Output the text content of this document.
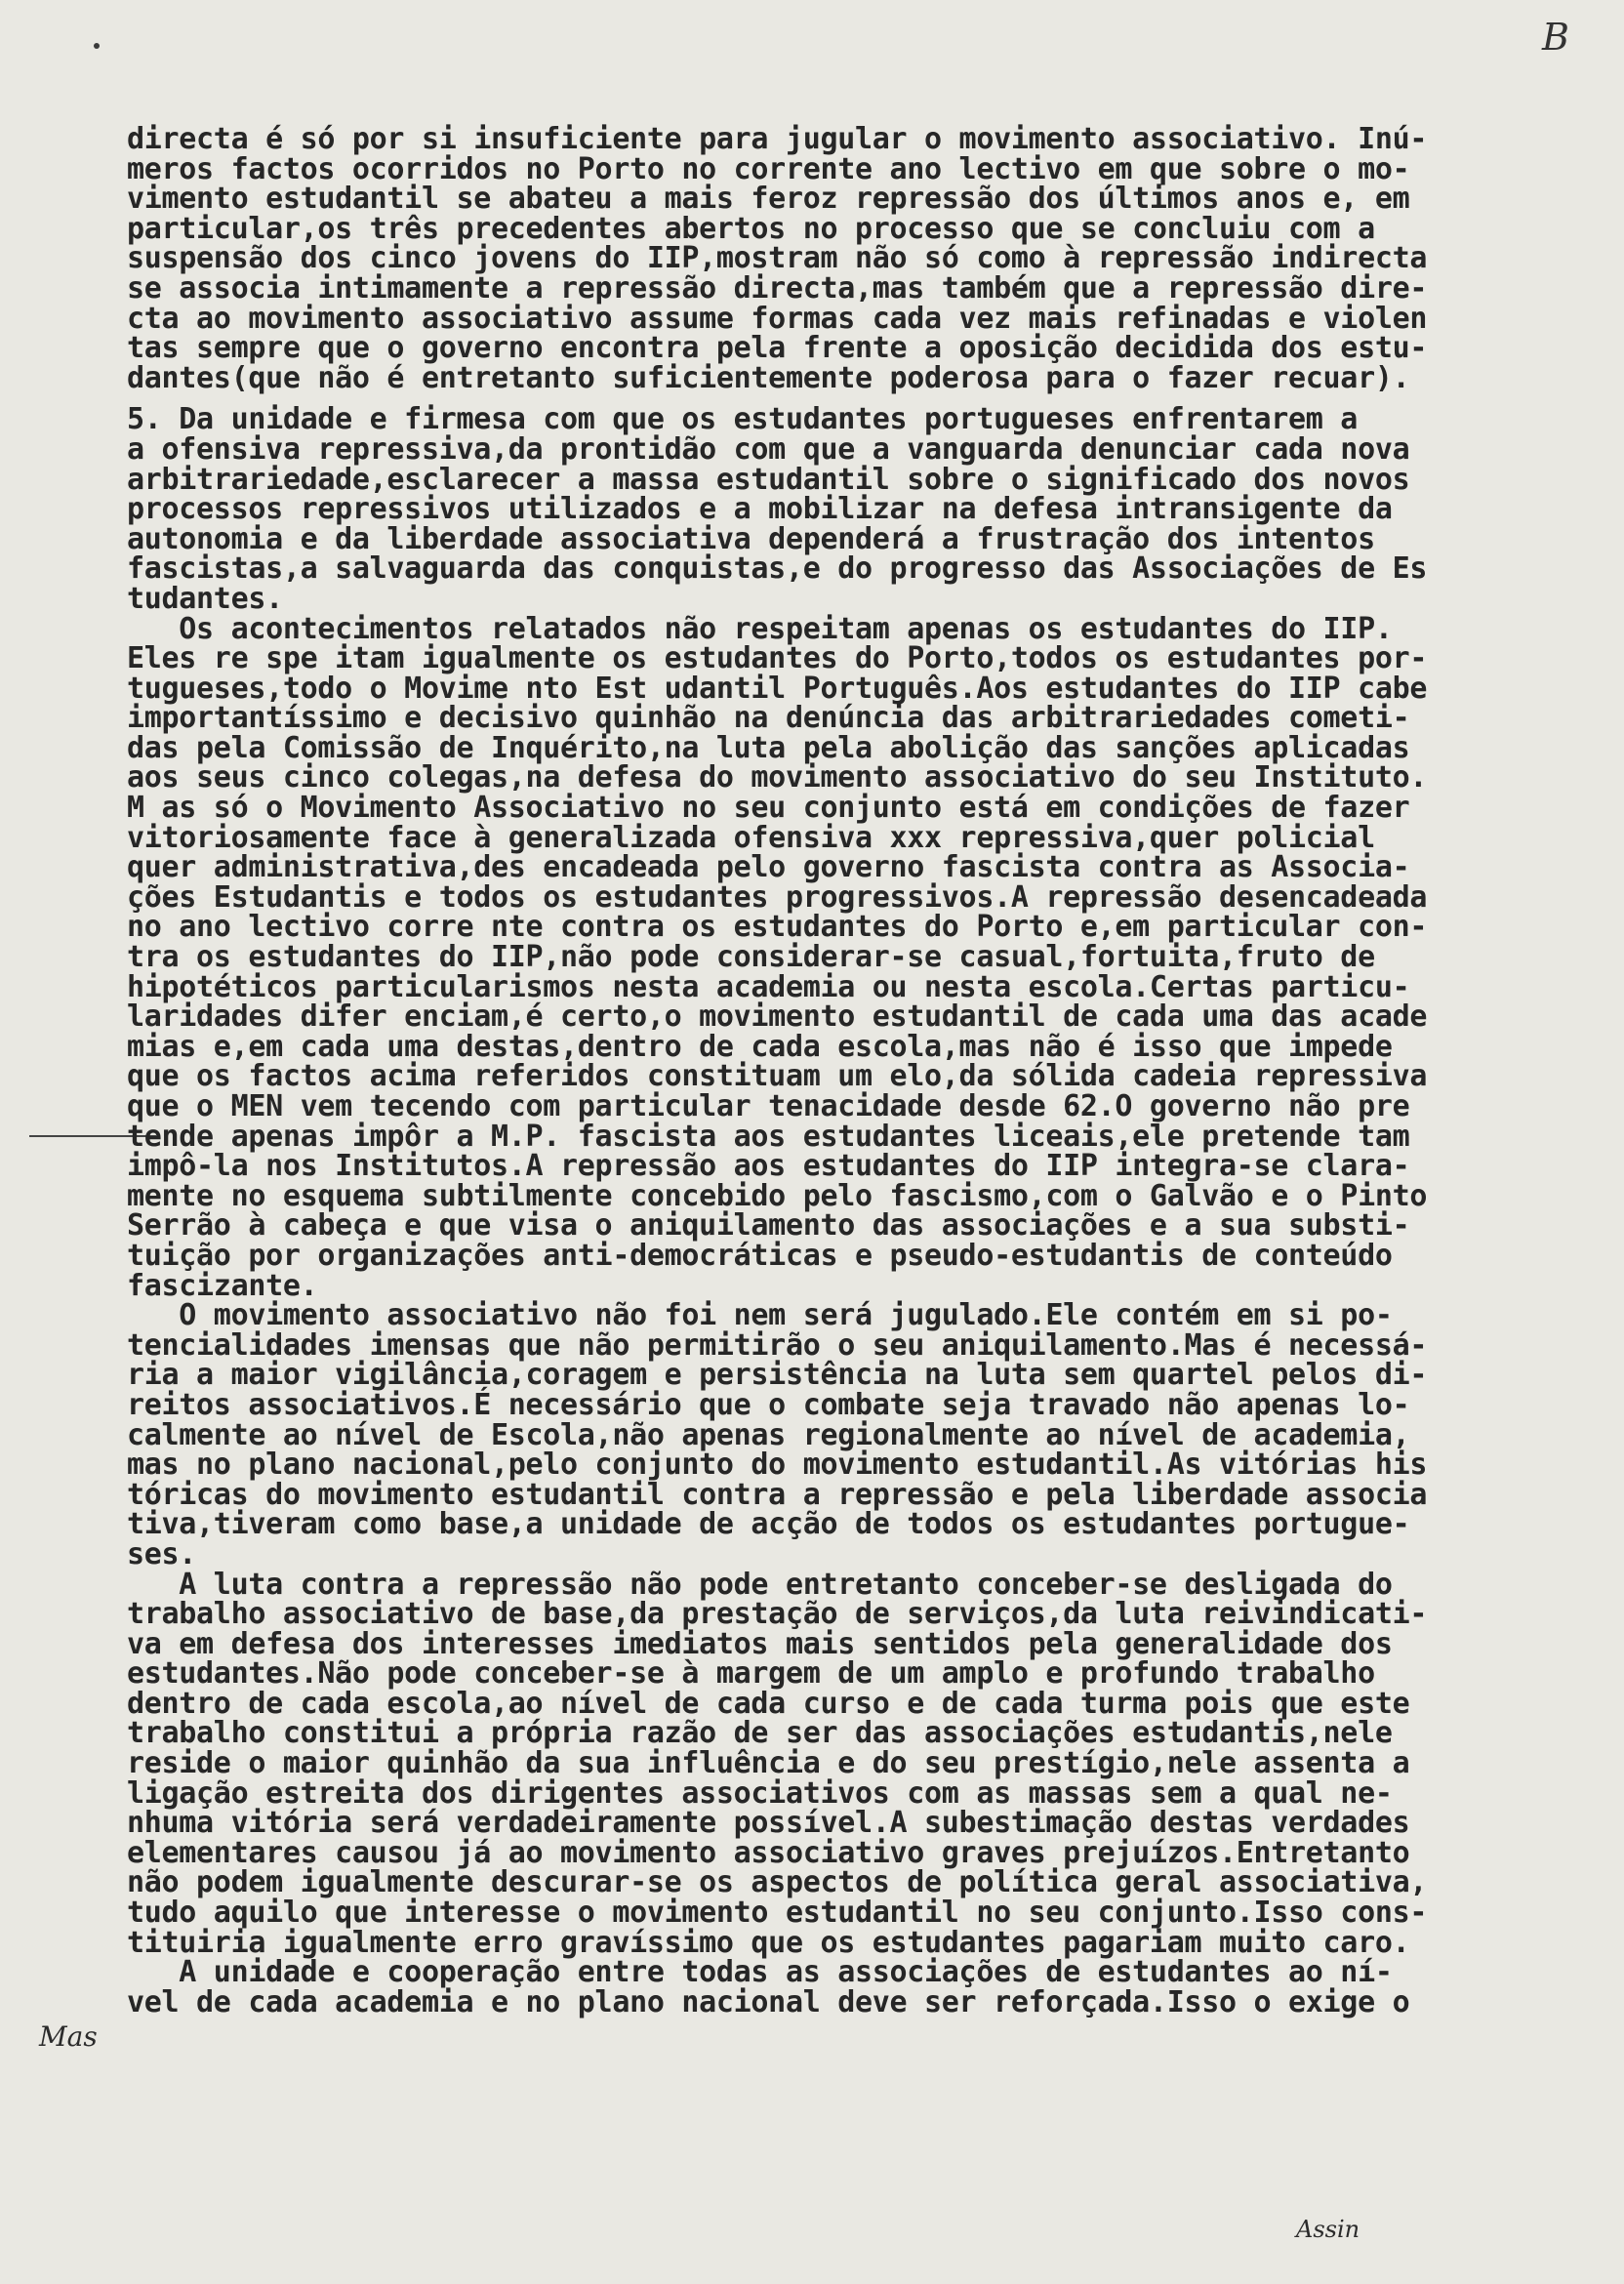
B
directa é só por si insuficiente para jugular o movimento associativo. Inú-
meros factos ocorridos no Porto no corrente ano lectivo em que sobre o mo-
vimento estudantil se abateu a mais feroz repressão dos últimos anos e, em
particular,os três precedentes abertos no processo que se concluiu com a
suspensão dos cinco jovens do IIP,mostram não só como à repressão indirecta
se associa intimamente a repressão directa,mas também que a repressão dire-
cta ao movimento associativo assume formas cada vez mais refinadas e violen
tas sempre que o governo encontra pela frente a oposição decidida dos estu-
dantes(que não é entretanto suficientemente poderosa para o fazer recuar).
5. Da unidade e firmesa com que os estudantes portugueses enfrentarem a
a ofensiva repressiva,da prontidão com que a vanguarda denunciar cada nova
arbitrariedade,esclarecer a massa estudantil sobre o significado dos novos
processos repressivos utilizados e a mobilizar na defesa intransigente da
autonomia e da liberdade associativa dependerá a frustração dos intentos
fascistas,a salvaguarda das conquistas,e do progresso das Associações de Es
tudantes.
Os acontecimentos relatados não respeitam apenas os estudantes do IIP.
Eles re spe itam igualmente os estudantes do Porto,todos os estudantes por-
tugueses,todo o Movime nto Est udantil Português.Aos estudantes do IIP cabe
importantíssimo e decisivo quinhão na denúncia das arbitrariedades cometi-
das pela Comissão de Inquérito,na luta pela abolição das sanções aplicadas
aos seus cinco colegas,na defesa do movimento associativo do seu Instituto.
M as só o Movimento Associativo no seu conjunto está em condições de fazer
vitoriosamente face à generalizada ofensiva xxx repressiva,quer policial
quer administrativa,des encadeada pelo governo fascista contra as Associa-
ções Estudantis e todos os estudantes progressivos.A repressão desencadeada
no ano lectivo corre nte contra os estudantes do Porto e,em particular con-
tra os estudantes do IIP,não pode considerar-se casual,fortuita,fruto de
hipotéticos particularismos nesta academia ou nesta escola.Certas particu-
laridades difer enciam,é certo,o movimento estudantil de cada uma das acade
mias e,em cada uma destas,dentro de cada escola,mas não é isso que impede
que os factos acima referidos constituam um elo,da sólida cadeia repressiva
que o MEN vem tecendo com particular tenacidade desde 62.O governo não pre
tende apenas impôr a M.P. fascista aos estudantes liceais,ele pretende tam
impô-la nos Institutos.A repressão aos estudantes do IIP integra-se clara-
mente no esquema subtilmente concebido pelo fascismo,com o Galvão e o Pinto
Serrão à cabeça e que visa o aniquilamento das associações e a sua substi-
tuição por organizações anti-democráticas e pseudo-estudantis de conteúdo
fascizante.
O movimento associativo não foi nem será jugulado.Ele contém em si po-
tencialidades imensas que não permitirão o seu aniquilamento.Mas é necessá-
ria a maior vigilância,coragem e persistência na luta sem quartel pelos di-
reitos associativos.É necessário que o combate seja travado não apenas lo-
calmente ao nível de Escola,não apenas regionalmente ao nível de academia,
mas no plano nacional,pelo conjunto do movimento estudantil.As vitórias his
tóricas do movimento estudantil contra a repressão e pela liberdade associa
tiva,tiveram como base,a unidade de acção de todos os estudantes portugue-
ses.
A luta contra a repressão não pode entretanto conceber-se desligada do
trabalho associativo de base,da prestação de serviços,da luta reivindicati-
va em defesa dos interesses imediatos mais sentidos pela generalidade dos
estudantes.Não pode conceber-se à margem de um amplo e profundo trabalho
dentro de cada escola,ao nível de cada curso e de cada turma pois que este
trabalho constitui a própria razão de ser das associações estudantis,nele
reside o maior quinhão da sua influência e do seu prestígio,nele assenta a
ligação estreita dos dirigentes associativos com as massas sem a qual ne-
nhuma vitória será verdadeiramente possível.A subestimação destas verdades
elementares causou já ao movimento associativo graves prejuízos.Entretanto
não podem igualmente descurar-se os aspectos de política geral associativa,
tudo aquilo que interesse o movimento estudantil no seu conjunto.Isso cons-
tituiria igualmente erro gravíssimo que os estudantes pagariam muito caro.
A unidade e cooperação entre todas as associações de estudantes ao ní-
vel de cada academia e no plano nacional deve ser reforçada.Isso o exige o
Mas
Assin
